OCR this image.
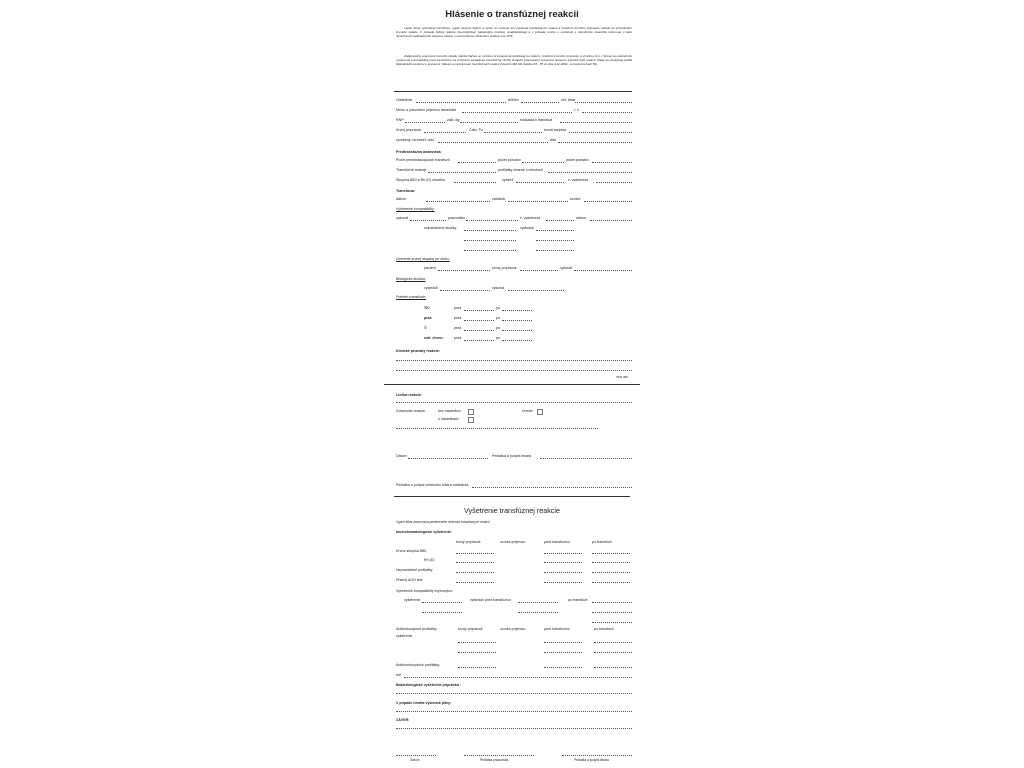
Hlásenie o transfúznej reakcii
Lekár, ktorý vykonával transfúziu, vyplní dvojmo tlačivo a spolu so vzorkou krvi pacienta odobratej po reakcii a zvyškom krvného prípravku odošle do príslušného krvného skladu. V prípade ťažkej reakcie (hemolytickej, bakteriálne toxickej, anafylaktickej) a v prípade úmrtia v súvislosti s transfúziou okamžite informuje o tejto skutočnosti nadriadeného lekára a ústavu s nemocničnou lekárskou službou pre LPS.
Zodpovedný pracovník krvného skladu odošle tlačivo so vzorkou krvi pacienta odobratej po reakcii, zvyškom krvného prípravku a vzorkou krvi, z ktorej sa uskutočnilo vyšetrenie kompatibility pred transfúziou na príslušné zariadenie transfúznej služby (krajské pracovisko) poverené riešením transfúznych reakcií. Ďalej sa postupuje podľa Metodického pokynu o prevencii, hlásení a vyšetrovaní transfúznych reakcií (Vestník MZ SR čiastka 33 - 35 zo dňa 4.11.2002, normatívna časť 76).
Oddelenie	telefón	ošt. lekár
Meno a priezvisko príjemcu transfúzie	r. č.
RNP	zákl. dg.	Indikácia k transfúzii
Krvný prípravok	Číslo TU	krvná skupina
vyrobený na transf. odd.	dňa
Predtransfúzna anamnéza:
Počet predchádzajúcich transfúzií	počet pôrodov	počet potratov
Transfúzne reakcie	protilátky zistené v minulosti
Skupina AB0 a Rh (D) chorého	vyšetril	č. vyšetrenia
Transfúzia:
dátum	začiatok	koniec
Vyšetrenie kompatibility:
vykonal	pracovisko	č. vyšetrenia	dátum
uskutočnené skúšky	výsledok
Overenie krvnej skupiny pri lôžku:
pacient	krvný prípravok	vykonal
Biologická skúška:
výsledok	vykonal
Priebeh transfúzie:
TK:	pred	po
pulz:	pred	po
T:	pred	po
reál. chem.:	pred	po
Klinické príznaky reakcie:
OMZ 388
Liečba reakcie:
Zvládnutie reakcie	bez následkov
s následkami
Úmrtie
Dátum	Pečiatka a podpis lekára
Pečiatka a podpis vedúceho lekára oddelenia
Vyšetrenie transfúznej reakcie
Vyplní lekár pracoviska poveneného riešením transfúznych reakcií
Imunohematologické vyšetrenie:
krvný prípravok	vzorka príjemcu	pred transfúziou	po transfúzii
Krvná skupina AB0
Rh (D)
Nepravidelné protilátky
Priamy AGH test
Vyšetrenie kompatibility erytrocytov:
vyšetrenie	výsledok pred transfúziou	po transfúzii
Antileukocytové protilátky:
vyšetrenie
krvný prípravok	vzorka príjemcu	pred transfúziou	po transfúzii
Antitrombocytové protilátky:
Iné
Bakteriologické vyšetrenie prípravku :
V prípade úmrtia výsledok pitvy:
ZÁVER:
Dátum	Pečiatka pracoviska	Pečiatka a podpis lekára
